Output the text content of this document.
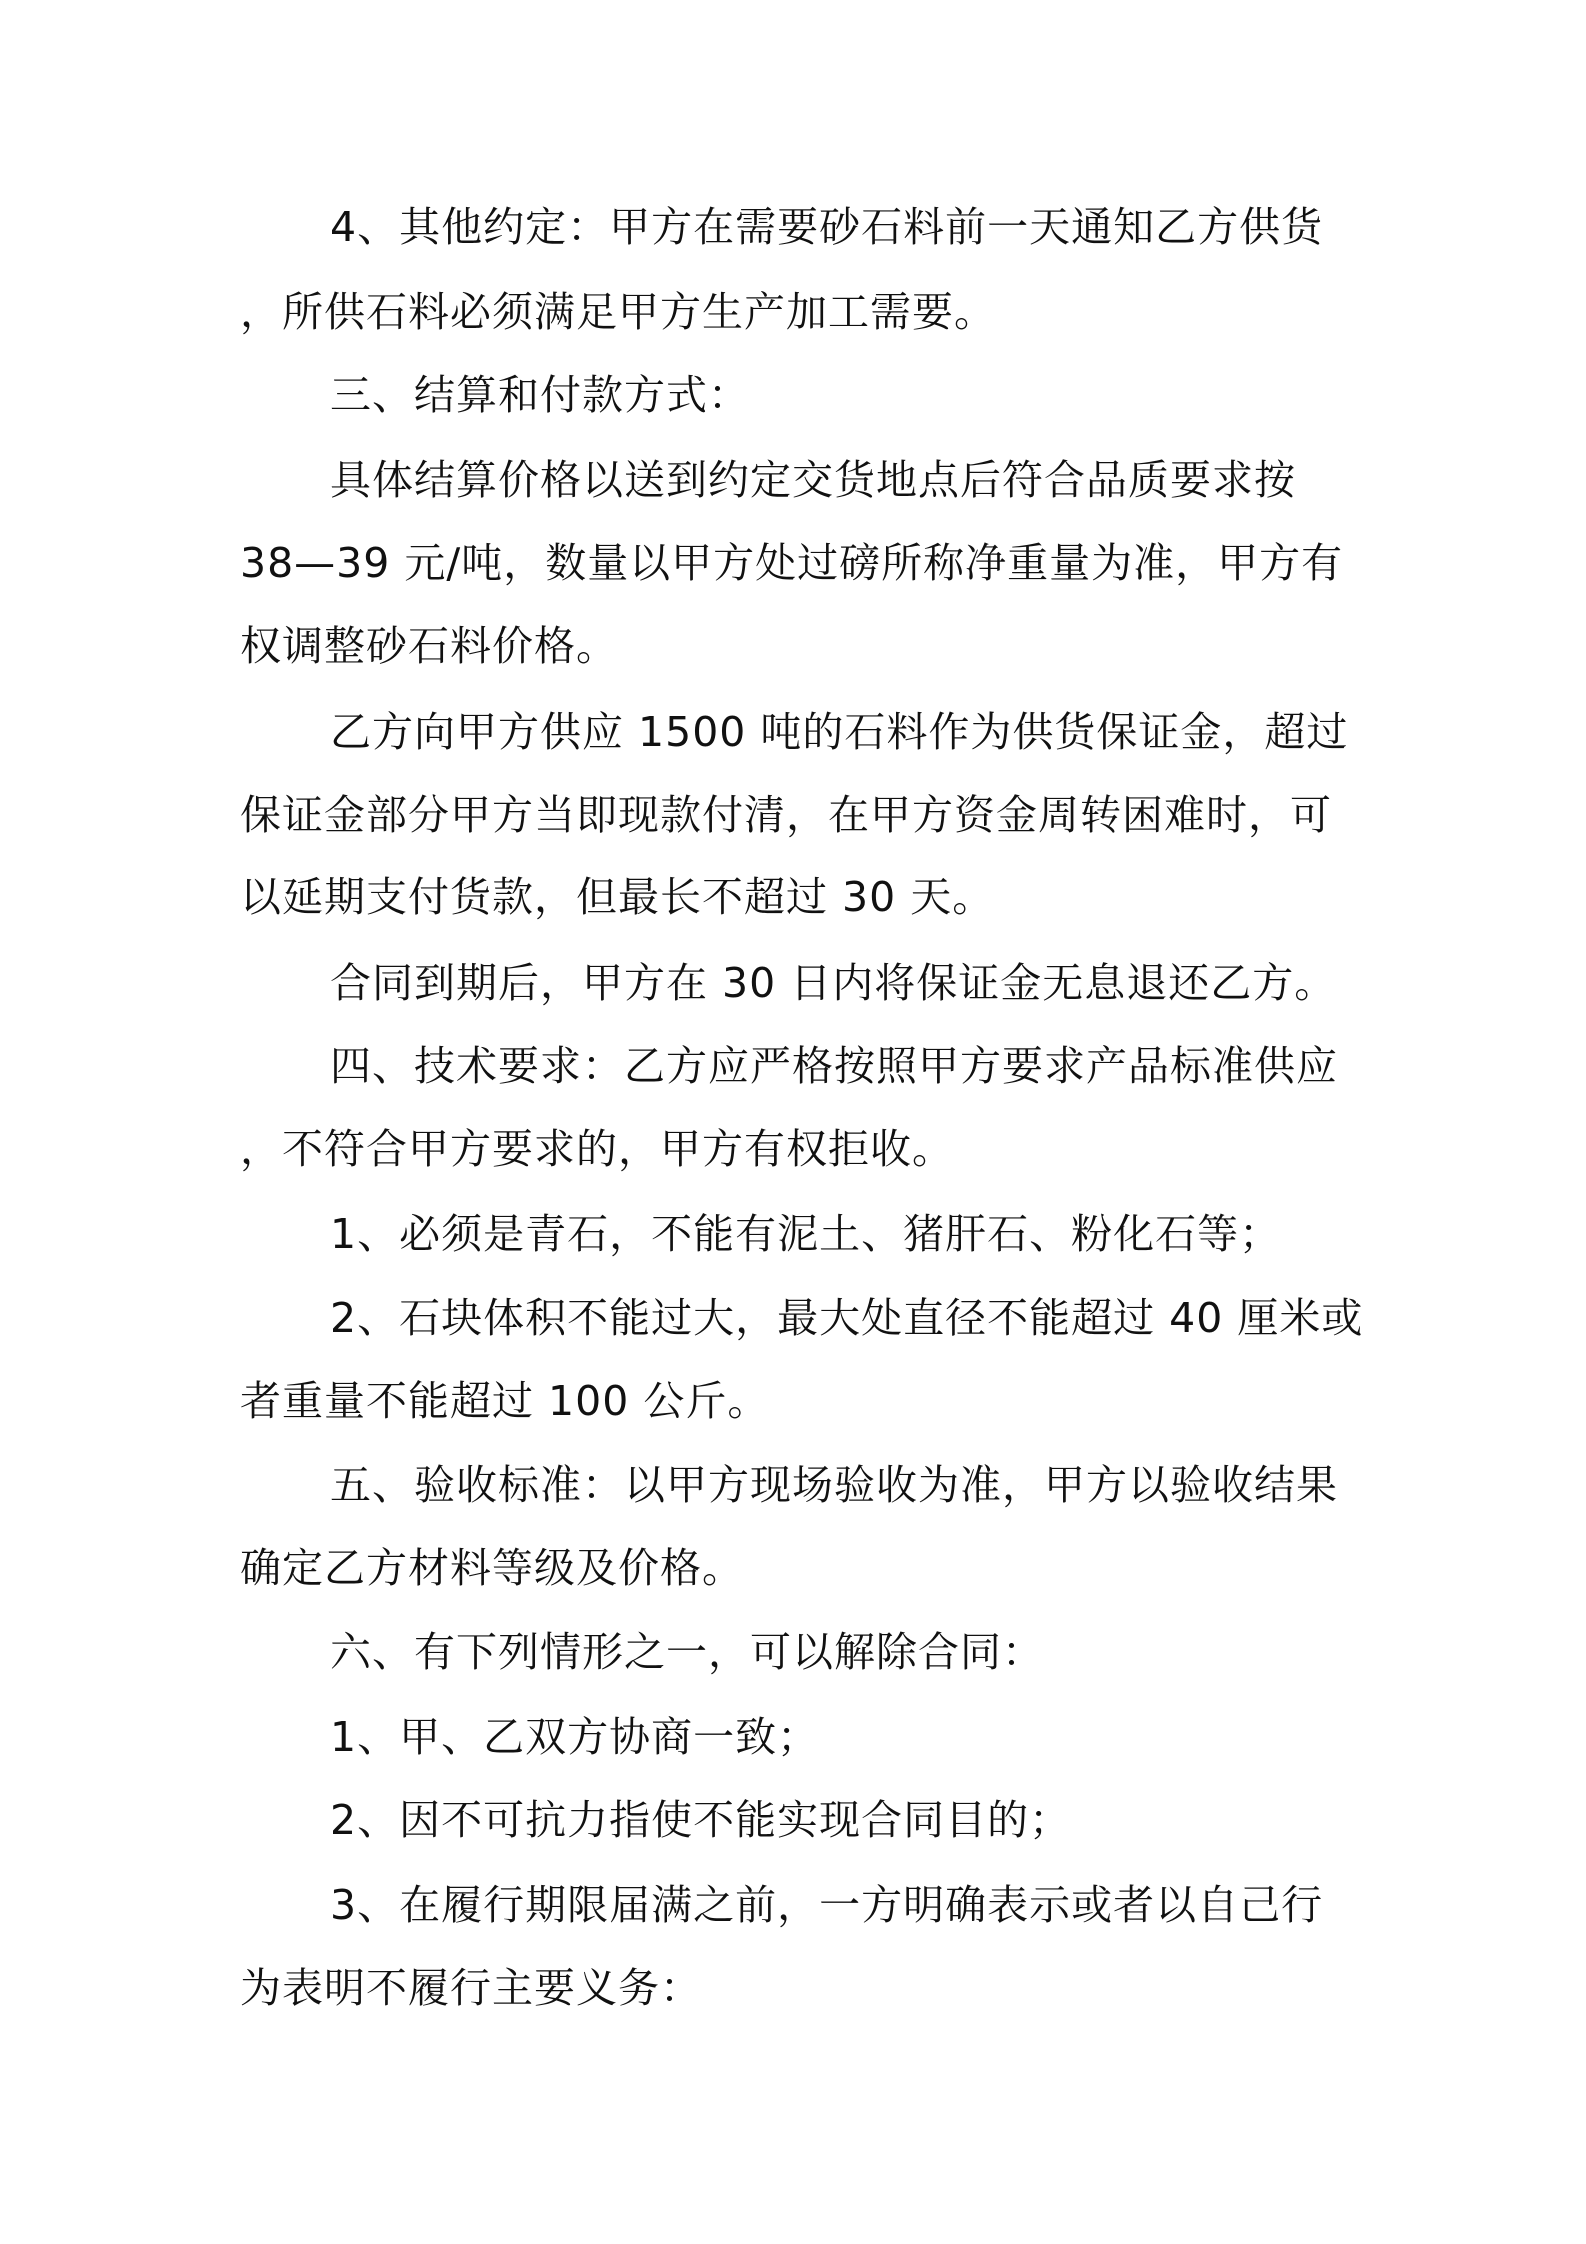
4、其他约定：甲方在需要砂石料前一天通知乙方供货
，所供石料必须满足甲方生产加工需要。
三、结算和付款方式：
具体结算价格以送到约定交货地点后符合品质要求按
38—39 元/吨，数量以甲方处过磅所称净重量为准，甲方有
权调整砂石料价格。
乙方向甲方供应 1500 吨的石料作为供货保证金，超过
保证金部分甲方当即现款付清，在甲方资金周转困难时，可
以延期支付货款，但最长不超过 30 天。
合同到期后，甲方在 30 日内将保证金无息退还乙方。
四、技术要求：乙方应严格按照甲方要求产品标准供应
，不符合甲方要求的，甲方有权拒收。
1、必须是青石，不能有泥土、猪肝石、粉化石等；
2、石块体积不能过大，最大处直径不能超过 40 厘米或
者重量不能超过 100 公斤。
五、验收标准：以甲方现场验收为准，甲方以验收结果
确定乙方材料等级及价格。
六、有下列情形之一，可以解除合同：
1、甲、乙双方协商一致；
2、因不可抗力指使不能实现合同目的；
3、在履行期限届满之前，一方明确表示或者以自己行
为表明不履行主要义务：
